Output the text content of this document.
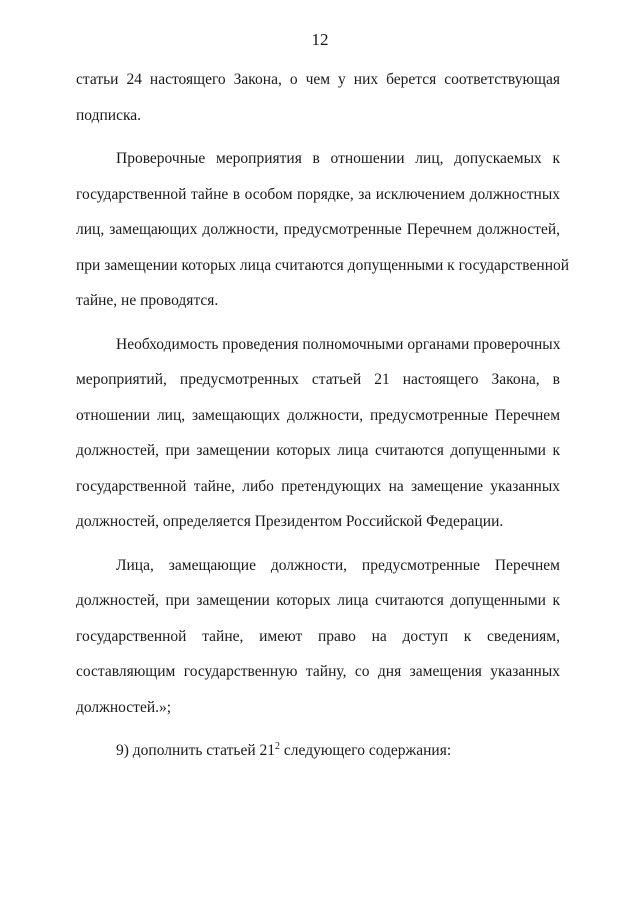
12
статьи 24 настоящего Закона, о чем у них берется соответствующая
подписка.
Проверочные мероприятия в отношении лиц, допускаемых к
государственной тайне в особом порядке, за исключением должностных
лиц, замещающих должности, предусмотренные Перечнем должностей,
при замещении которых лица считаются допущенными к государственной
тайне, не проводятся.
Необходимость проведения полномочными органами проверочных
мероприятий, предусмотренных статьей 21 настоящего Закона, в
отношении лиц, замещающих должности, предусмотренные Перечнем
должностей, при замещении которых лица считаются допущенными к
государственной тайне, либо претендующих на замещение указанных
должностей, определяется Президентом Российской Федерации.
Лица, замещающие должности, предусмотренные Перечнем
должностей, при замещении которых лица считаются допущенными к
государственной тайне, имеют право на доступ к сведениям,
составляющим государственную тайну, со дня замещения указанных
должностей.»;
9) дополнить статьей $21^2$ следующего содержания:
